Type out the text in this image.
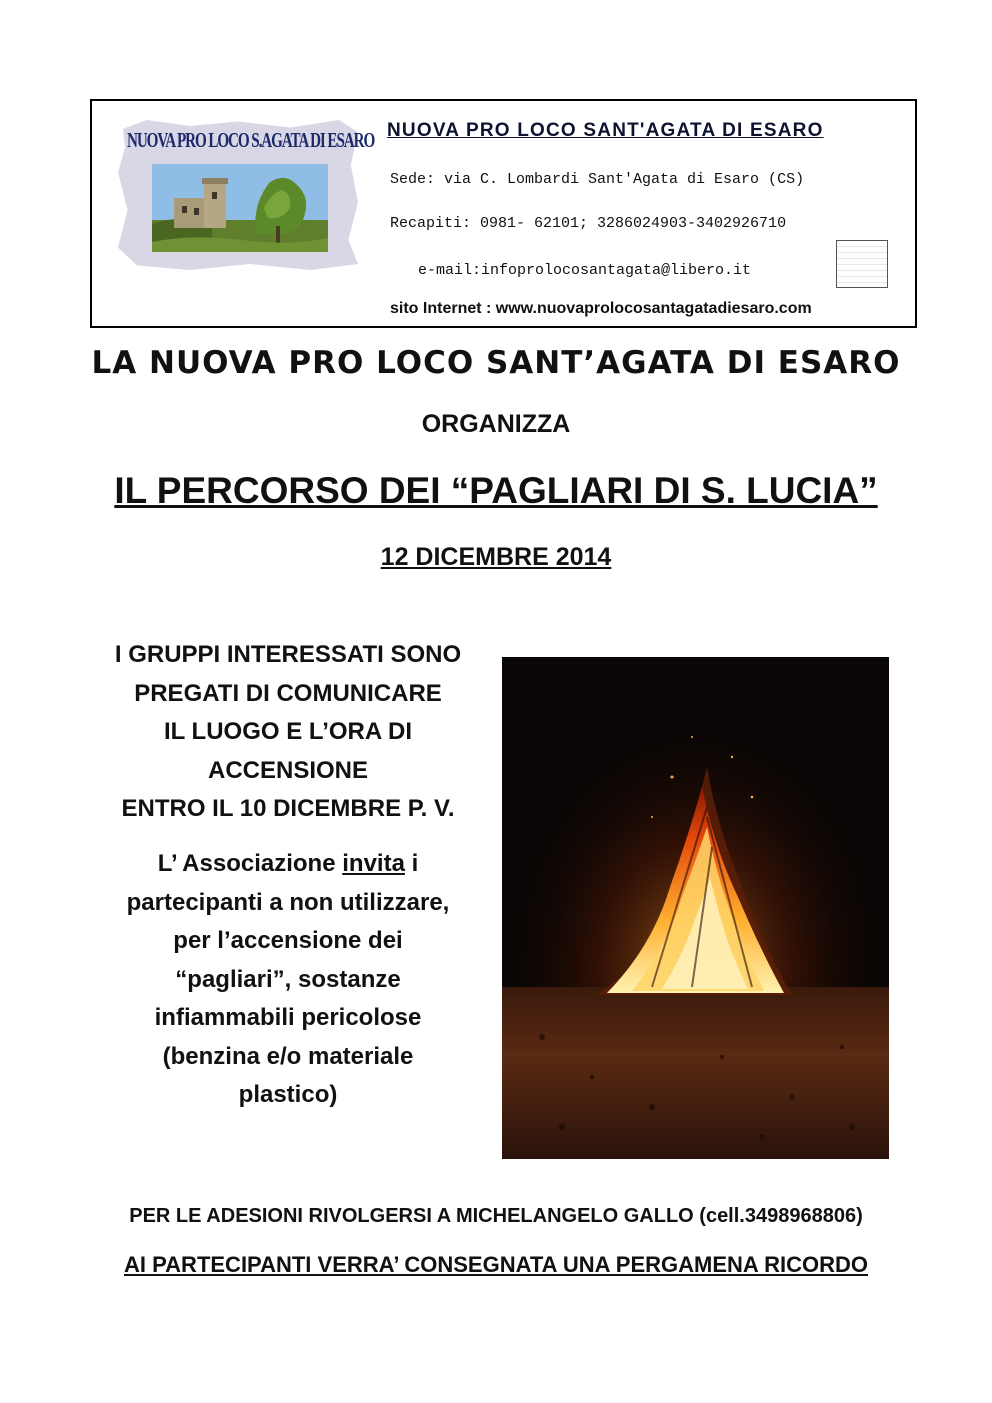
NUOVA PRO LOCO S.AGATA DI ESARO NUOVA PRO LOCO SANT'AGATA DI ESARO
Sede: via C. Lombardi Sant'Agata di Esaro (CS)
Recapiti: 0981- 62101; 3286024903-3402926710
e-mail:infoprolocosantagata@libero.it
sito Internet : www.nuovaprolocosantagatadiesaro.com
LA NUOVA PRO LOCO SANT’AGATA DI ESARO
ORGANIZZA
IL PERCORSO DEI “PAGLIARI DI S. LUCIA”
12 DICEMBRE 2014

I GRUPPI INTERESSATI SONO

PREGATI DI COMUNICARE

IL LUOGO E L’ORA DI

ACCENSIONE

ENTRO IL 10 DICEMBRE P. V.

L’ Associazione invita i

partecipanti a non utilizzare,

per l’accensione dei

“pagliari”, sostanze

infiammabili pericolose

(benzina e/o materiale

plastico)

PER LE ADESIONI RIVOLGERSI A MICHELANGELO GALLO (cell.3498968806)
AI PARTECIPANTI VERRA’ CONSEGNATA UNA PERGAMENA RICORDO
